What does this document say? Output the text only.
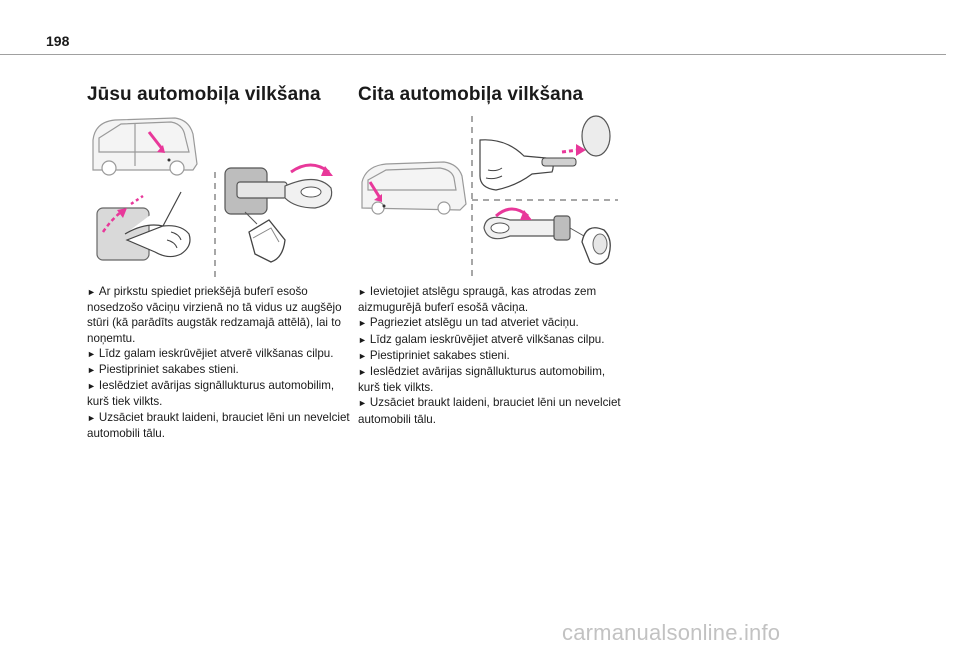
198
Jūsu automobiļa vilkšana

► Ar pirkstu spiediet priekšējā buferī esošo nosedzošo vāciņu virzienā no tā vidus uz augšējo stūri (kā parādīts augstāk redzamajā attēlā), lai to noņemtu.

► Līdz galam ieskrūvējiet atverē vilkšanas cilpu.

► Piestipriniet sakabes stieni.

► Ieslēdziet avārijas signāllukturus automobilim, kurš tiek vilkts.

► Uzsāciet braukt laideni, brauciet lēni un nevelciet automobili tālu.

Cita automobiļa vilkšana

► Ievietojiet atslēgu spraugā, kas atrodas zem aizmugurējā buferī esošā vāciņa.

► Pagrieziet atslēgu un tad atveriet vāciņu.

► Līdz galam ieskrūvējiet atverē vilkšanas cilpu.

► Piestipriniet sakabes stieni.

► Ieslēdziet avārijas signāllukturus automobilim, kurš tiek vilkts.

► Uzsāciet braukt laideni, brauciet lēni un nevelciet automobili tālu.

carmanualsonline.info
